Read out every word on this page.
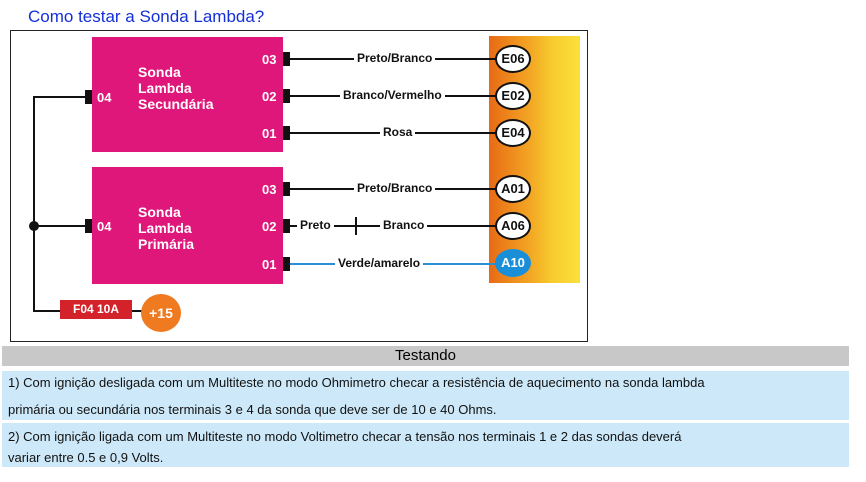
Como testar a Sonda Lambda?
F04 10A	+15
Sonda
Lambda
Secundária
04
03
02
01
Preto/Branco
Branco/Vermelho
Rosa
E06
E02
E04
Sonda
Lambda
Primária
04
03
02
01
Preto/Branco
Preto	Branco
Verde/amarelo
A01
A06
A10
Testando
1) Com ignição desligada com um Multiteste no modo Ohmimetro checar a resistência de aquecimento na sonda lambda
primária ou secundária nos terminais 3 e 4 da sonda que deve ser de 10 e 40 Ohms.
2) Com ignição ligada com um Multiteste no modo Voltimetro checar a tensão nos terminais 1 e 2 das sondas deverá
variar entre 0.5 e 0,9 Volts.
